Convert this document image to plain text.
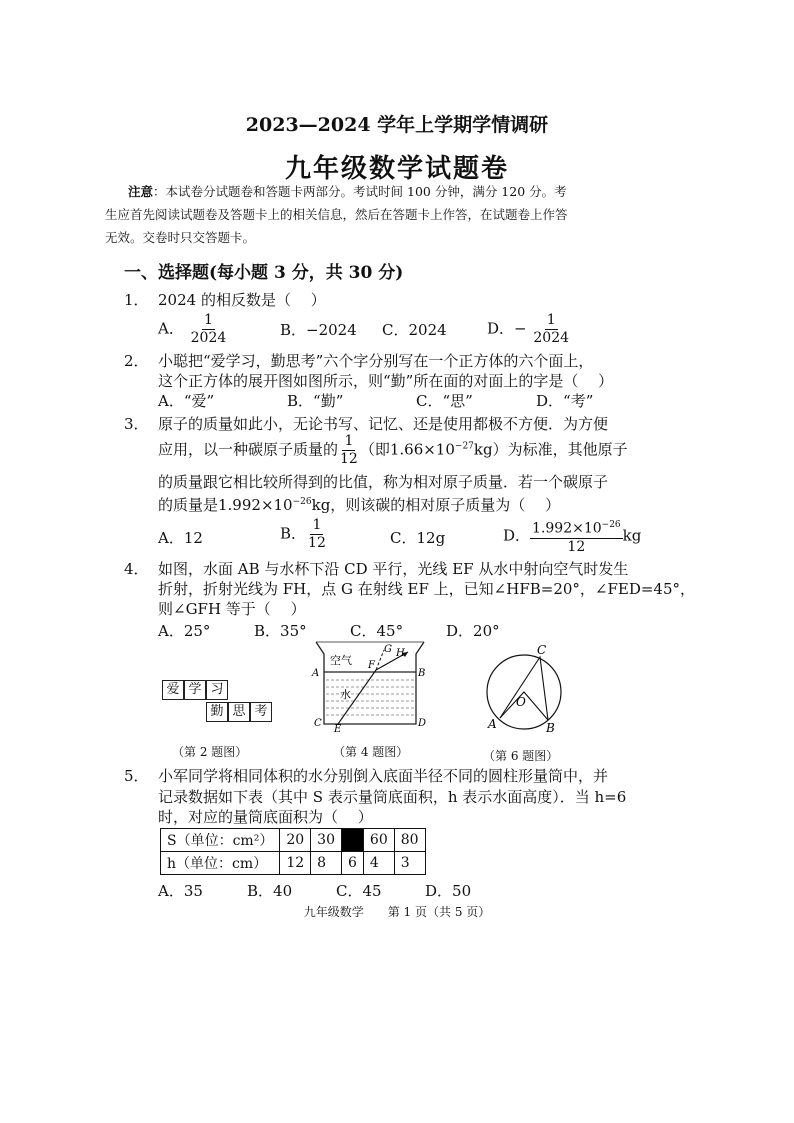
2023—2024 学年上学期学情调研
九年级数学试题卷
注意：本试卷分试题卷和答题卡两部分。考试时间 100 分钟，满分 120 分。考
生应首先阅读试题卷及答题卡上的相关信息，然后在答题卡上作答，在试题卷上作答
无效。交卷时只交答题卡。
一、选择题(每小题 3 分，共 30 分)
1． 2024 的相反数是（　 ）
A． $\frac{1}{2024}$	B．−2024 C．2024	D．− $\frac{1}{2024}$
2． 小聪把“爱学习，勤思考”六个字分别写在一个正方体的六个面上，
这个正方体的展开图如图所示，则“勤”所在面的对面上的字是（　 ）
A．“爱”	B．“勤”	C．“思”	D．“考”
3． 原子的质量如此小，无论书写、记忆、还是使用都极不方便．为方便
应用，以一种碳原子质量的 $\frac{1}{12}$ （即$1.66\times 10^{-27}kg$）为标准，其他原子
的质量跟它相比较所得到的比值，称为相对原子质量．若一个碳原子
的质量是$1.992\times 10^{-26}kg$，则该碳的相对原子质量为（　 ）
A．12	B． $\frac{1}{12}$	C．12g	D． $\frac{1.992\times 10^{-26}}{12}$ kg
4． 如图，水面 AB 与水杯下沿 CD 平行，光线 EF 从水中射向空气时发生
折射，折射光线为 FH，点 G 在射线 EF 上，已知∠HFB=20°，∠FED=45°，
则∠GFH 等于（　 ）
A．25°	B．35°	C．45°	D．20°
爱 学 习
勤 思 考
（第 2 题图）
空气
水
A	B
C	D
E
F
G H
（第 4 题图）
A	B
C
O
（第 6 题图）
5． 小军同学将相同体积的水分别倒入底面半径不同的圆柱形量筒中，并
记录数据如下表（其中 S 表示量筒底面积，h 表示水面高度）．当 h=6
时，对应的量筒底面积为（　 ）
S（单位：cm²）	20	30		60	80
h（单位：cm）	12	8	6	4	3
A．35	B．40	C．45	D．50
九年级数学　　第 1 页（共 5 页）
